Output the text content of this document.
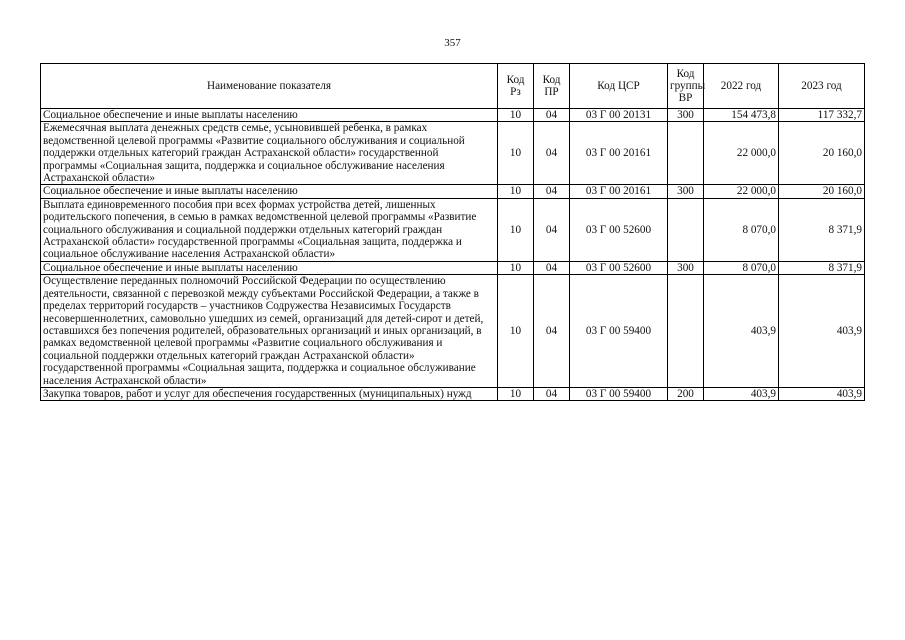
357
Наименование показателя	Код Рз	Код ПР	Код ЦСР	Код группы ВР	2022 год	2023 год
Социальное обеспечение и иные выплаты населению	10	04	03 Г 00 20131	300	154 473,8	117 332,7
Ежемесячная выплата денежных средств семье, усыновившей ребенка, в рамках ведомственной целевой программы «Развитие социального обслуживания и социальной поддержки отдельных категорий граждан Астраханской области» государственной программы «Социальная защита, поддержка и социальное обслуживание населения Астраханской области»	10	04	03 Г 00 20161		22 000,0	20 160,0
Социальное обеспечение и иные выплаты населению	10	04	03 Г 00 20161	300	22 000,0	20 160,0
Выплата единовременного пособия при всех формах устройства детей, лишенных родительского попечения, в семью в рамках ведомственной целевой программы «Развитие социального обслуживания и социальной поддержки отдельных категорий граждан Астраханской области» государственной программы «Социальная защита, поддержка и социальное обслуживание населения Астраханской области»	10	04	03 Г 00 52600		8 070,0	8 371,9
Социальное обеспечение и иные выплаты населению	10	04	03 Г 00 52600	300	8 070,0	8 371,9
Осуществление переданных полномочий Российской Федерации по осуществлению деятельности, связанной с перевозкой между субъектами Российской Федерации, а также в пределах территорий государств – участников Содружества Независимых Государств несовершеннолетних, самовольно ушедших из семей, организаций для детей-сирот и детей, оставшихся без попечения родителей, образовательных организаций и иных организаций, в рамках ведомственной целевой программы «Развитие социального обслуживания и социальной поддержки отдельных категорий граждан Астраханской области» государственной программы «Социальная защита, поддержка и социальное обслуживание населения Астраханской области»	10	04	03 Г 00 59400		403,9	403,9
Закупка товаров, работ и услуг для обеспечения государственных (муниципальных) нужд	10	04	03 Г 00 59400	200	403,9	403,9
